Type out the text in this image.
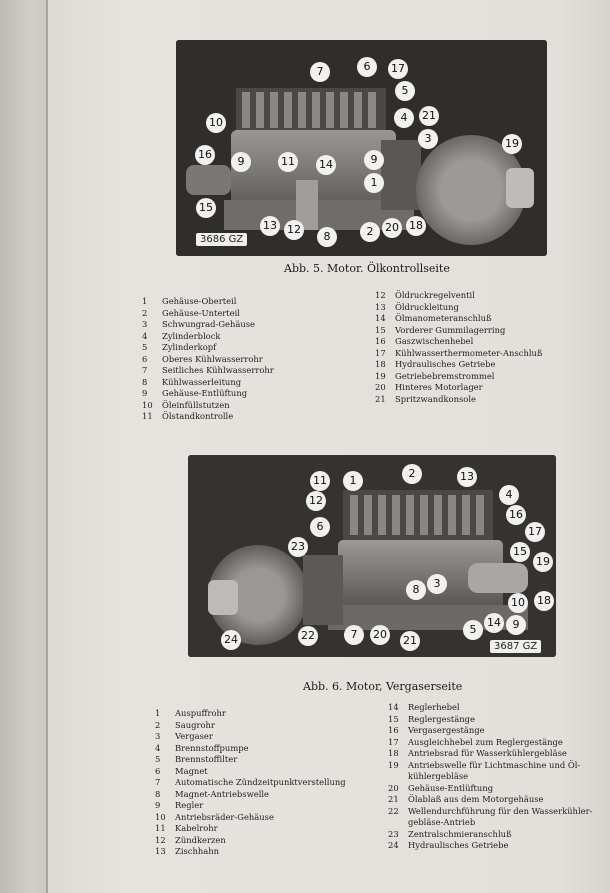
7	6	17
5
10	4	21
3
16
9	11 14	9
19
1
15
13 12
8	2	20 18
3686 GZ
Abb. 5. Motor. Ölkontrollseite
1	Gehäuse-Oberteil
2	Gehäuse-Unterteil
3	Schwungrad-Gehäuse
4	Zylinderblock
5	Zylinderkopf
6	Oberes Kühlwasserrohr
7	Seitliches Kühlwasserrohr
8	Kühlwasserleitung
9	Gehäuse-Entlüftung
10	Öleinfüllstutzen
11	Ölstandkontrolle
12	Öldruckregelventil
13	Öldruckleitung
14	Ölmanometeranschluß
15	Vorderer Gummilagerring
16	Gaszwischenhebel
17	Kühlwasserthermometer-Anschluß
18	Hydraulisches Getriebe
19	Getriebebremstrommel
20	Hinteres Motorlager
21	Spritzwandkonsole
11	1
2	13
12	4
6
16
17
23	15
19
8	3
18
10
24	22	7	20 21
5
14	9
3687 GZ
Abb. 6. Motor, Vergaserseite
1	Auspuffrohr
2	Saugrohr
3	Vergaser
4	Brennstoffpumpe
5	Brennstoffilter
6	Magnet
7	Automatische Zündzeitpunktverstellung
8	Magnet-Antriebswelle
9	Regler
10	Antriebsräder-Gehäuse
11	Kabelrohr
12	Zündkerzen
13	Zischhahn
14	Reglerhebel
15	Reglergestänge
16	Vergasergestänge
17	Ausgleichhebel zum Reglergestänge
18	Antriebsrad für Wasserkühlergebläse
19	Antriebswelle für Lichtmaschine und Öl-
kühlergebläse
20	Gehäuse-Entlüftung
21	Ölablaß aus dem Motorgehäuse
22	Wellendurchführung für den Wasserkühler-
gebläse-Antrieb
23	Zentralschmieranschluß
24	Hydraulisches Getriebe
